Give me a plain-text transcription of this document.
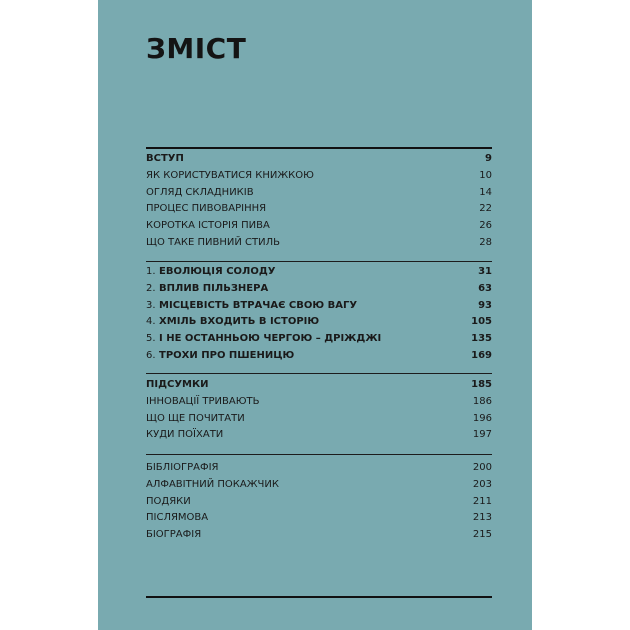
ЗМІСТ
ВСТУП	9
ЯК КОРИСТУВАТИСЯ КНИЖКОЮ	10
ОГЛЯД СКЛАДНИКІВ	14
ПРОЦЕС ПИВОВАРІННЯ	22
КОРОТКА ІСТОРІЯ ПИВА	26
ЩО ТАКЕ ПИВНИЙ СТИЛЬ	28
1. ЕВОЛЮЦІЯ СОЛОДУ	31
2. ВПЛИВ ПІЛЬЗНЕРА	63
3. МІСЦЕВІСТЬ ВТРАЧАЄ СВОЮ ВАГУ	93
4. ХМІЛЬ ВХОДИТЬ В ІСТОРІЮ	105
5. І НЕ ОСТАННЬОЮ ЧЕРГОЮ – ДРІЖДЖІ	135
6. ТРОХИ ПРО ПШЕНИЦЮ	169
ПІДСУМКИ	185
ІННОВАЦІЇ ТРИВАЮТЬ	186
ЩО ЩЕ ПОЧИТАТИ	196
КУДИ ПОЇХАТИ	197
БІБЛІОГРАФІЯ	200
АЛФАВІТНИЙ ПОКАЖЧИК	203
ПОДЯКИ	211
ПІСЛЯМОВА	213
БІОГРАФІЯ	215
